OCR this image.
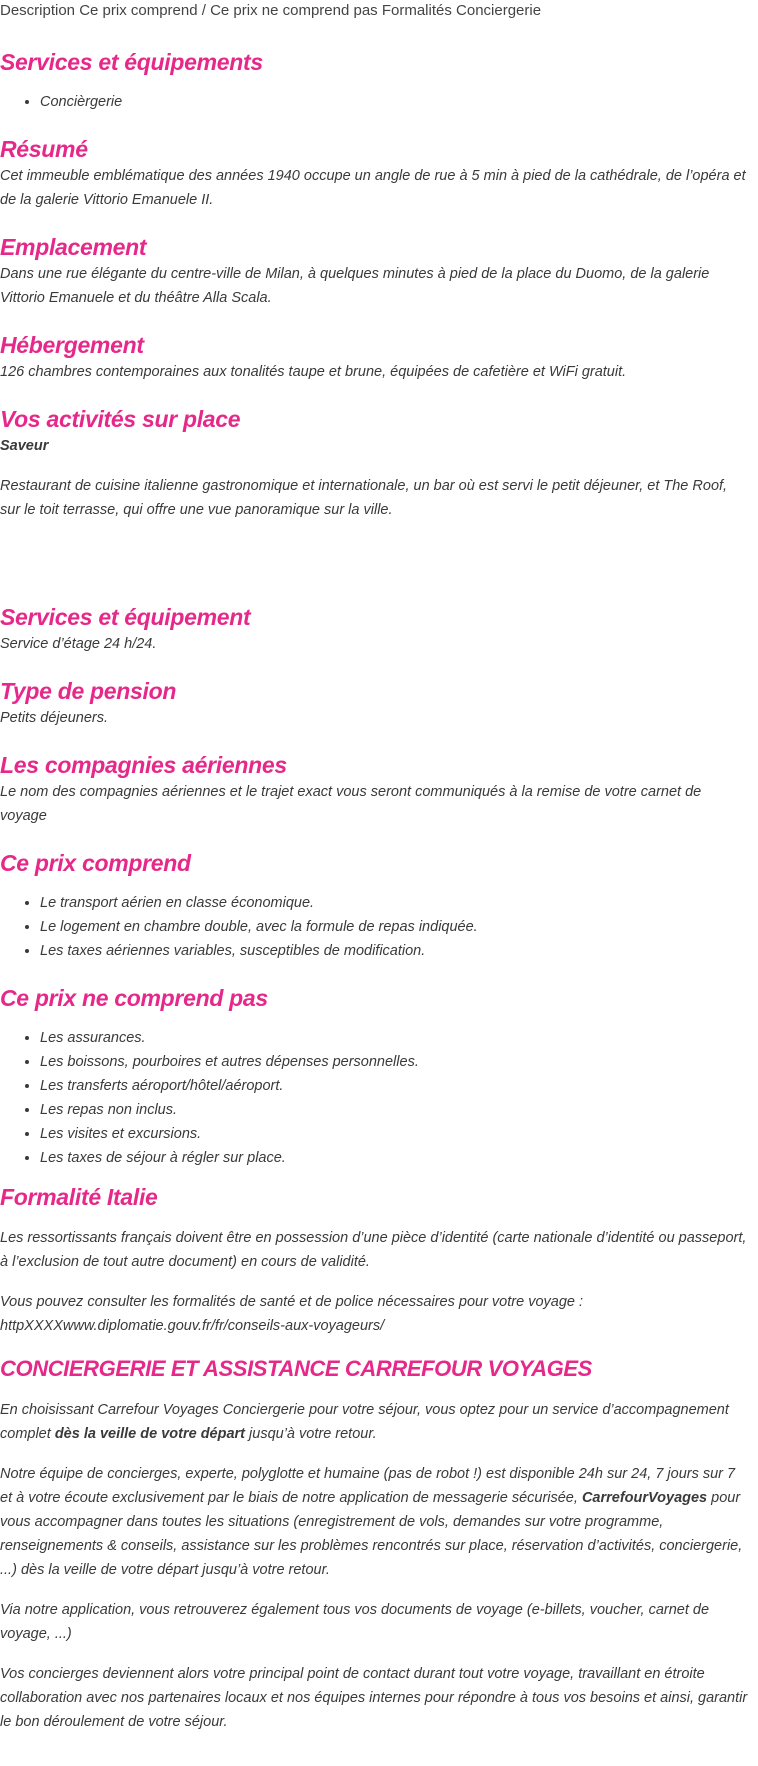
Description Ce prix comprend / Ce prix ne comprend pas Formalités Conciergerie

Services et équipements
• Concièrgerie
Résumé

Cet immeuble emblématique des années 1940 occupe un angle de rue à 5 min à pied de la cathédrale, de l’opéra et de la galerie Vittorio Emanuele II.

Emplacement

Dans une rue élégante du centre-ville de Milan, à quelques minutes à pied de la place du Duomo, de la galerie Vittorio Emanuele et du théâtre Alla Scala.

Hébergement

126 chambres contemporaines aux tonalités taupe et brune, équipées de cafetière et WiFi gratuit.

Vos activités sur place

Saveur

Restaurant de cuisine italienne gastronomique et internationale, un bar où est servi le petit déjeuner, et The Roof,
sur le toit terrasse, qui offre une vue panoramique sur la ville.

Services et équipement

Service d’étage 24 h/24.

Type de pension

Petits déjeuners.

Les compagnies aériennes

Le nom des compagnies aériennes et le trajet exact vous seront communiqués à la remise de votre carnet de voyage

Ce prix comprend
• Le transport aérien en classe économique.
• Le logement en chambre double, avec la formule de repas indiquée.
• Les taxes aériennes variables, susceptibles de modification.
Ce prix ne comprend pas
• Les assurances.
• Les boissons, pourboires et autres dépenses personnelles.
• Les transferts aéroport/hôtel/aéroport.
• Les repas non inclus.
• Les visites et excursions.
• Les taxes de séjour à régler sur place.
Formalité Italie

Les ressortissants français doivent être en possession d’une pièce d’identité (carte nationale d’identité ou passeport, à l’exclusion de tout autre document) en cours de validité.

Vous pouvez consulter les formalités de santé et de police nécessaires pour votre voyage :
httpXXXXwww.diplomatie.gouv.fr/fr/conseils-aux-voyageurs/

CONCIERGERIE ET ASSISTANCE CARREFOUR VOYAGES

En choisissant Carrefour Voyages Conciergerie pour votre séjour, vous optez pour un service d’accompagnement complet dès la veille de votre départ jusqu’à votre retour.

Notre équipe de concierges, experte, polyglotte et humaine (pas de robot !) est disponible 24h sur 24, 7 jours sur 7 et à votre écoute exclusivement par le biais de notre application de messagerie sécurisée, CarrefourVoyages pour vous accompagner dans toutes les situations (enregistrement de vols, demandes sur votre programme, renseignements & conseils, assistance sur les problèmes rencontrés sur place, réservation d’activités, conciergerie, ...) dès la veille de votre départ jusqu’à votre retour.

Via notre application, vous retrouverez également tous vos documents de voyage (e-billets, voucher, carnet de voyage, ...)

Vos concierges deviennent alors votre principal point de contact durant tout votre voyage, travaillant en étroite collaboration avec nos partenaires locaux et nos équipes internes pour répondre à tous vos besoins et ainsi, garantir le bon déroulement de votre séjour.
